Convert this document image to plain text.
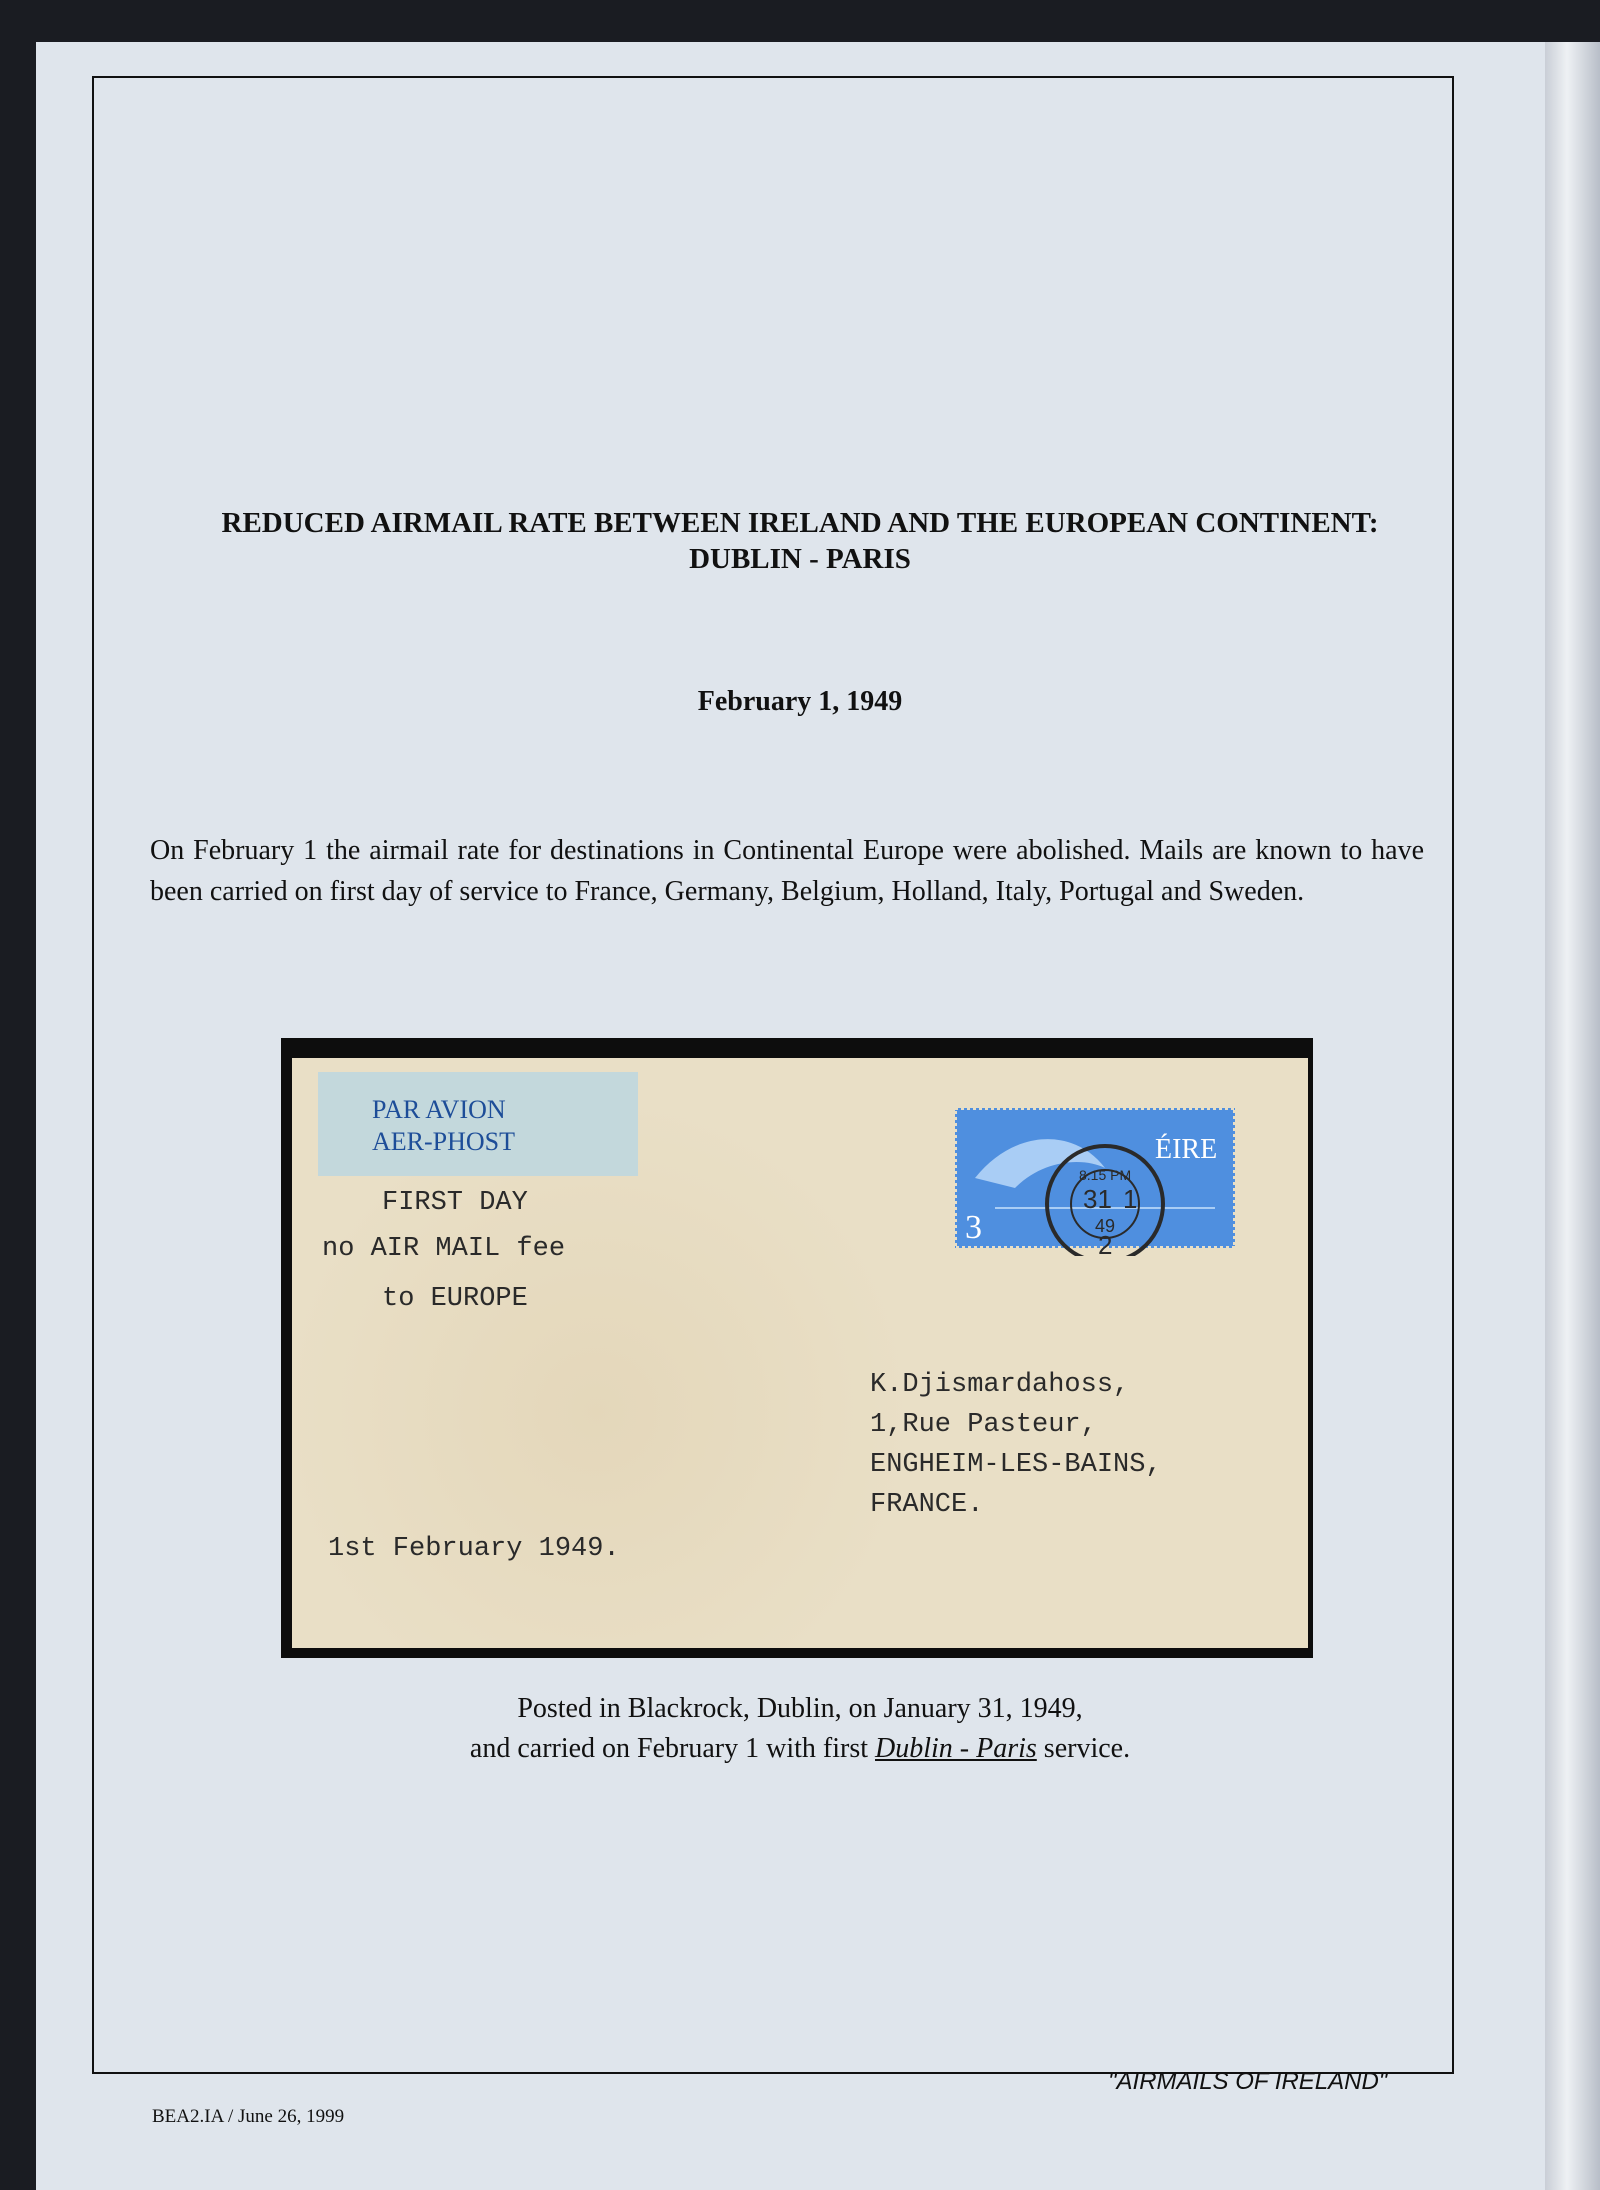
REDUCED AIRMAIL RATE BETWEEN IRELAND AND THE EUROPEAN CONTINENT:
DUBLIN - PARIS
February 1, 1949
On February 1 the airmail rate for destinations in Continental Europe were abolished. Mails are known to have been carried on first day of service to France, Germany, Belgium, Holland, Italy, Portugal and Sweden.
PAR AVION
AER-PHOST
FIRST DAY
no AIR MAIL fee
to EUROPE
ÉIRE
3
8.15 PM
31 1
49
2
K.Djismardahoss,
1,Rue Pasteur,
ENGHEIM-LES-BAINS,
FRANCE.
1st February 1949.
Posted in Blackrock, Dublin, on January 31, 1949,
and carried on February 1 with first Dublin - Paris service.
BEA2.IA / June 26, 1999
"AIRMAILS OF IRELAND"
